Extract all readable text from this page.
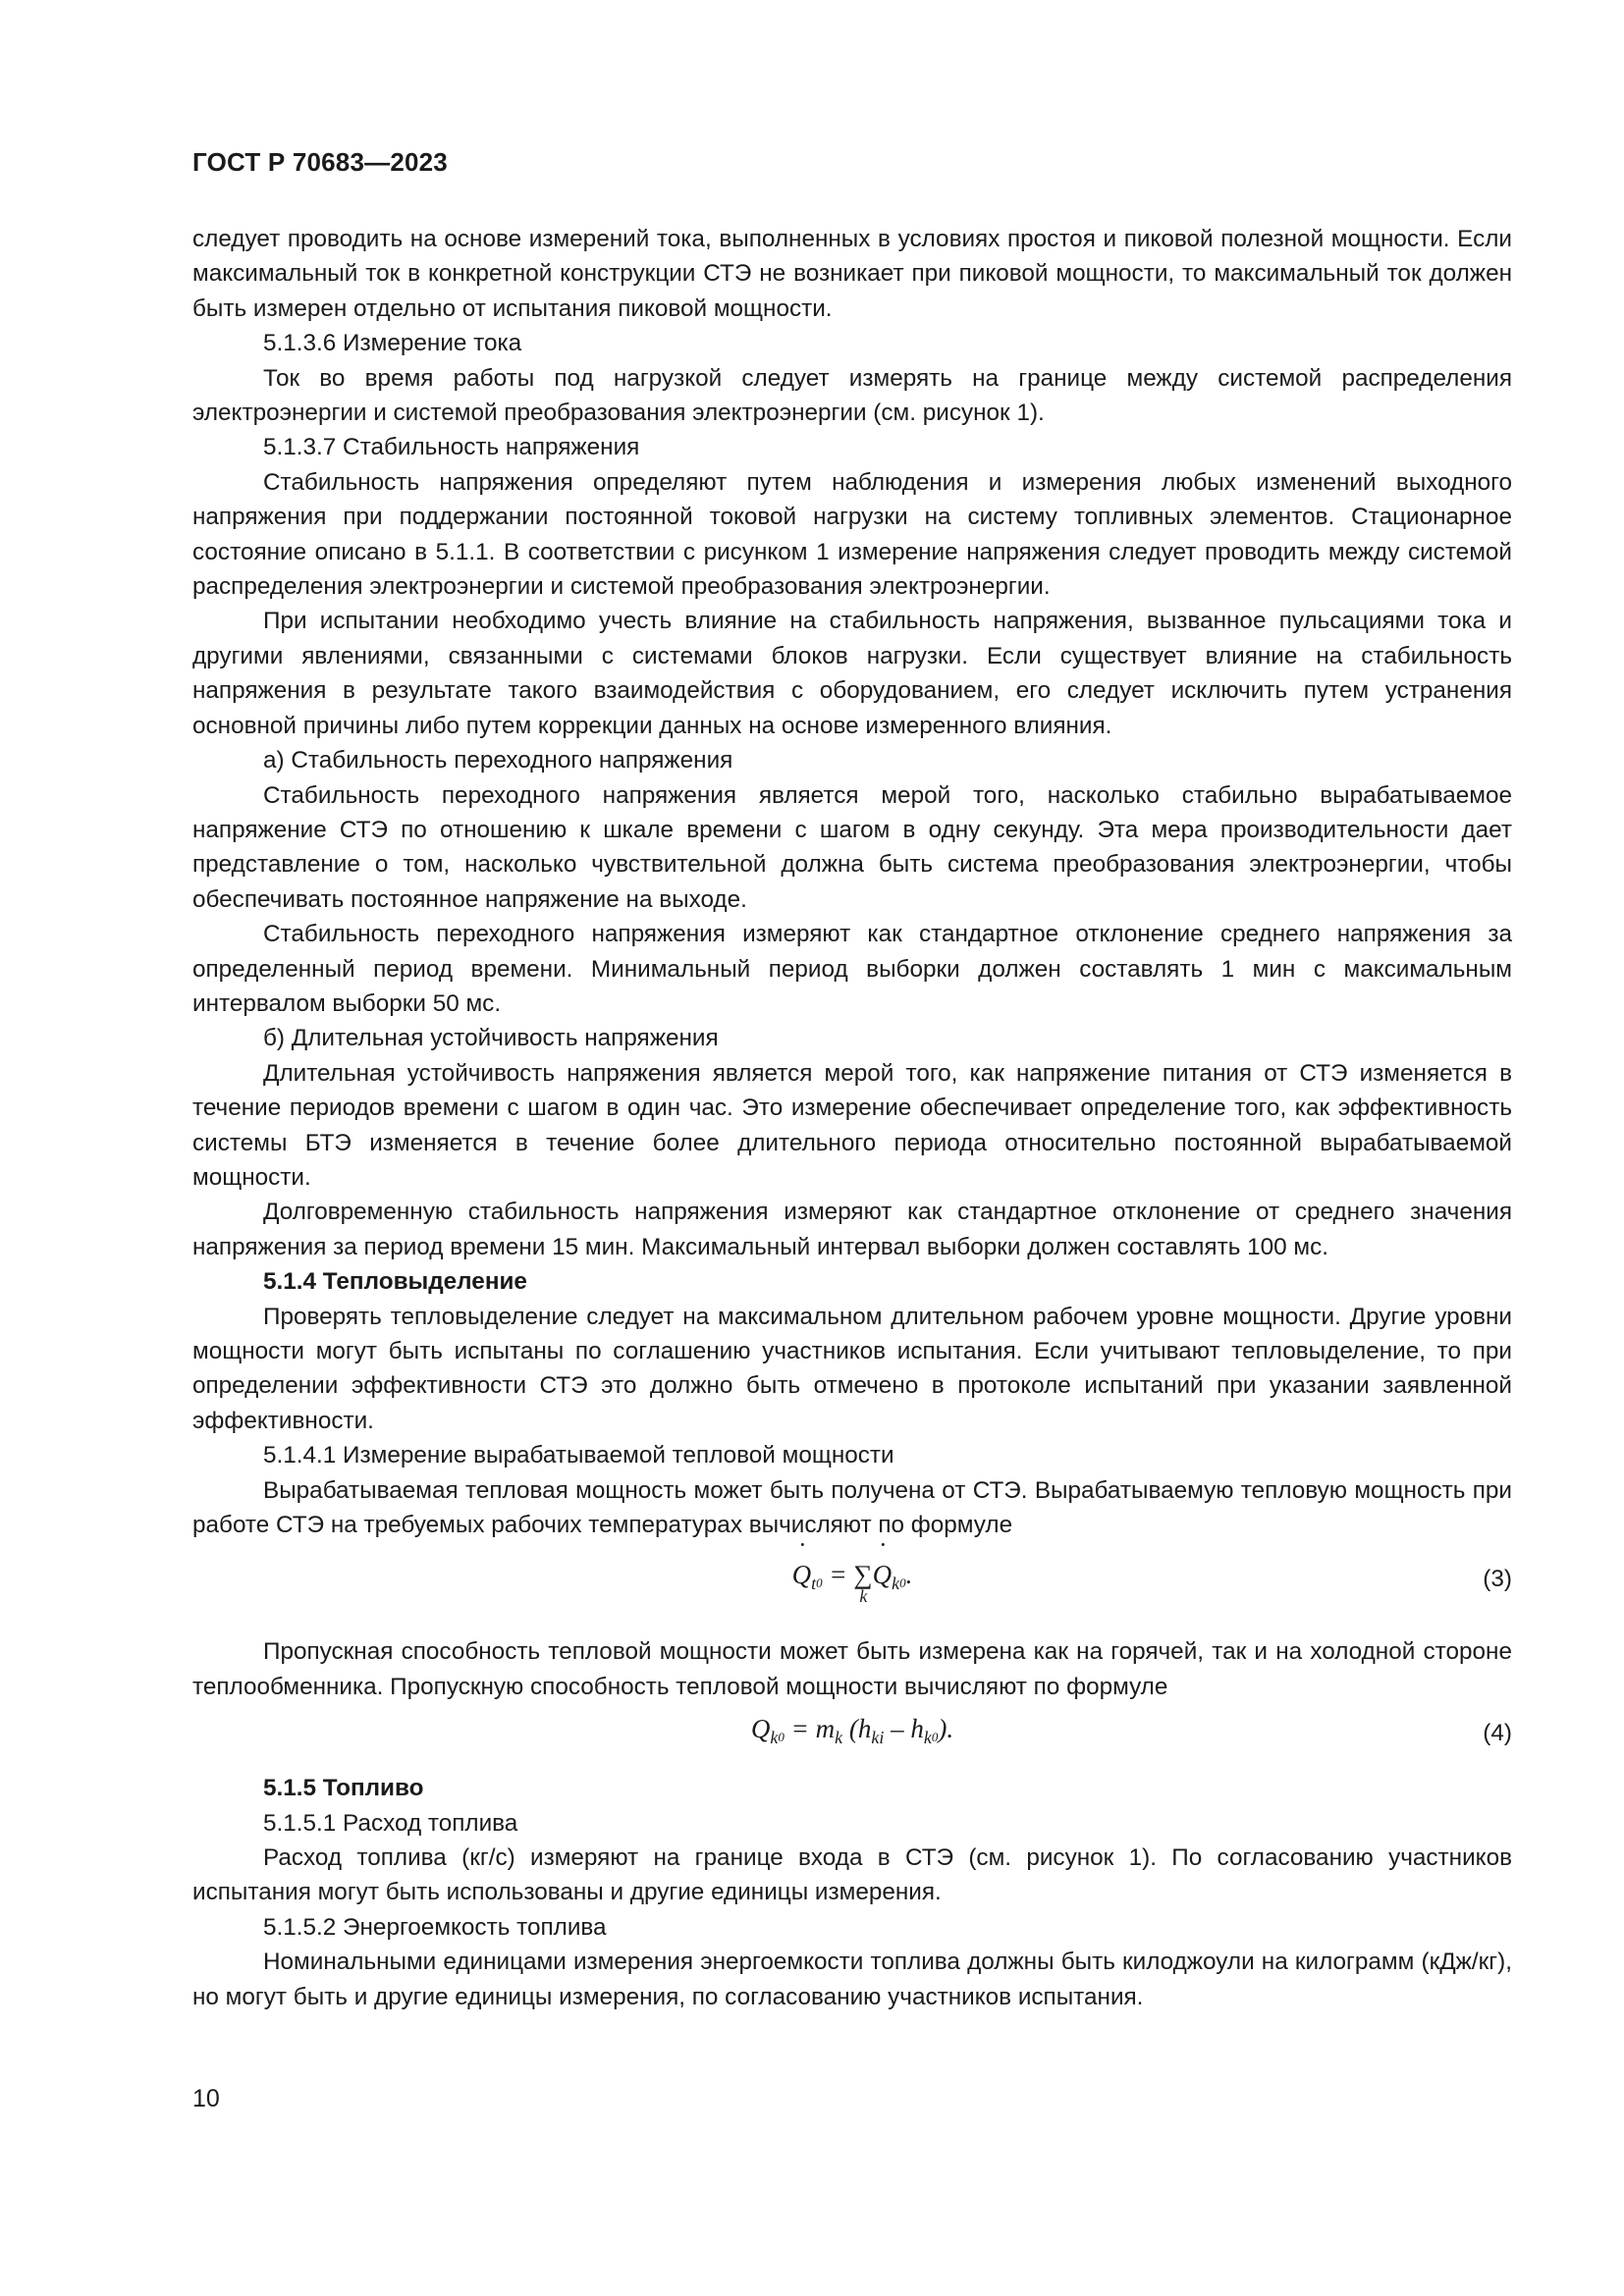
ГОСТ Р 70683—2023

следует проводить на основе измерений тока, выполненных в условиях простоя и пиковой полезной мощности. Если максимальный ток в конкретной конструкции СТЭ не возникает при пиковой мощности, то максимальный ток должен быть измерен отдельно от испытания пиковой мощности.

5.1.3.6 Измерение тока

Ток во время работы под нагрузкой следует измерять на границе между системой распределения электроэнергии и системой преобразования электроэнергии (см. рисунок 1).

5.1.3.7 Стабильность напряжения

Стабильность напряжения определяют путем наблюдения и измерения любых изменений выходного напряжения при поддержании постоянной токовой нагрузки на систему топливных элементов. Стационарное состояние описано в 5.1.1. В соответствии с рисунком 1 измерение напряжения следует проводить между системой распределения электроэнергии и системой преобразования электроэнергии.

При испытании необходимо учесть влияние на стабильность напряжения, вызванное пульсациями тока и другими явлениями, связанными с системами блоков нагрузки. Если существует влияние на стабильность напряжения в результате такого взаимодействия с оборудованием, его следует исключить путем устранения основной причины либо путем коррекции данных на основе измеренного влияния.

а) Стабильность переходного напряжения

Стабильность переходного напряжения является мерой того, насколько стабильно вырабатываемое напряжение СТЭ по отношению к шкале времени с шагом в одну секунду. Эта мера производительности дает представление о том, насколько чувствительной должна быть система преобразования электроэнергии, чтобы обеспечивать постоянное напряжение на выходе.

Стабильность переходного напряжения измеряют как стандартное отклонение среднего напряжения за определенный период времени. Минимальный период выборки должен составлять 1 мин с максимальным интервалом выборки 50 мс.

б) Длительная устойчивость напряжения

Длительная устойчивость напряжения является мерой того, как напряжение питания от СТЭ изменяется в течение периодов времени с шагом в один час. Это измерение обеспечивает определение того, как эффективность системы БТЭ изменяется в течение более длительного периода относительно постоянной вырабатываемой мощности.

Долговременную стабильность напряжения измеряют как стандартное отклонение от среднего значения напряжения за период времени 15 мин. Максимальный интервал выборки должен составлять 100 мс.

5.1.4 Тепловыделение

Проверять тепловыделение следует на максимальном длительном рабочем уровне мощности. Другие уровни мощности могут быть испытаны по соглашению участников испытания. Если учитывают тепловыделение, то при определении эффективности СТЭ это должно быть отмечено в протоколе испытаний при указании заявленной эффективности.

5.1.4.1 Измерение вырабатываемой тепловой мощности

Вырабатываемая тепловая мощность может быть получена от СТЭ. Вырабатываемую тепловую мощность при работе СТЭ на требуемых рабочих температурах вычисляют по формуле

˙ $Q_t0$ = ∑
k
˙ $Q_k0$.	(3)

Пропускная способность тепловой мощности может быть измерена как на горячей, так и на холодной стороне теплообменника. Пропускную способность тепловой мощности вычисляют по формуле

$Q_k0 = m_k$ $(h_{ki} - h_k0)$.	(4)

5.1.5 Топливо

5.1.5.1 Расход топлива

Расход топлива (кг/с) измеряют на границе входа в СТЭ (см. рисунок 1). По согласованию участников испытания могут быть использованы и другие единицы измерения.

5.1.5.2 Энергоемкость топлива

Номинальными единицами измерения энергоемкости топлива должны быть килоджоули на килограмм (кДж/кг), но могут быть и другие единицы измерения, по согласованию участников испытания.

10
